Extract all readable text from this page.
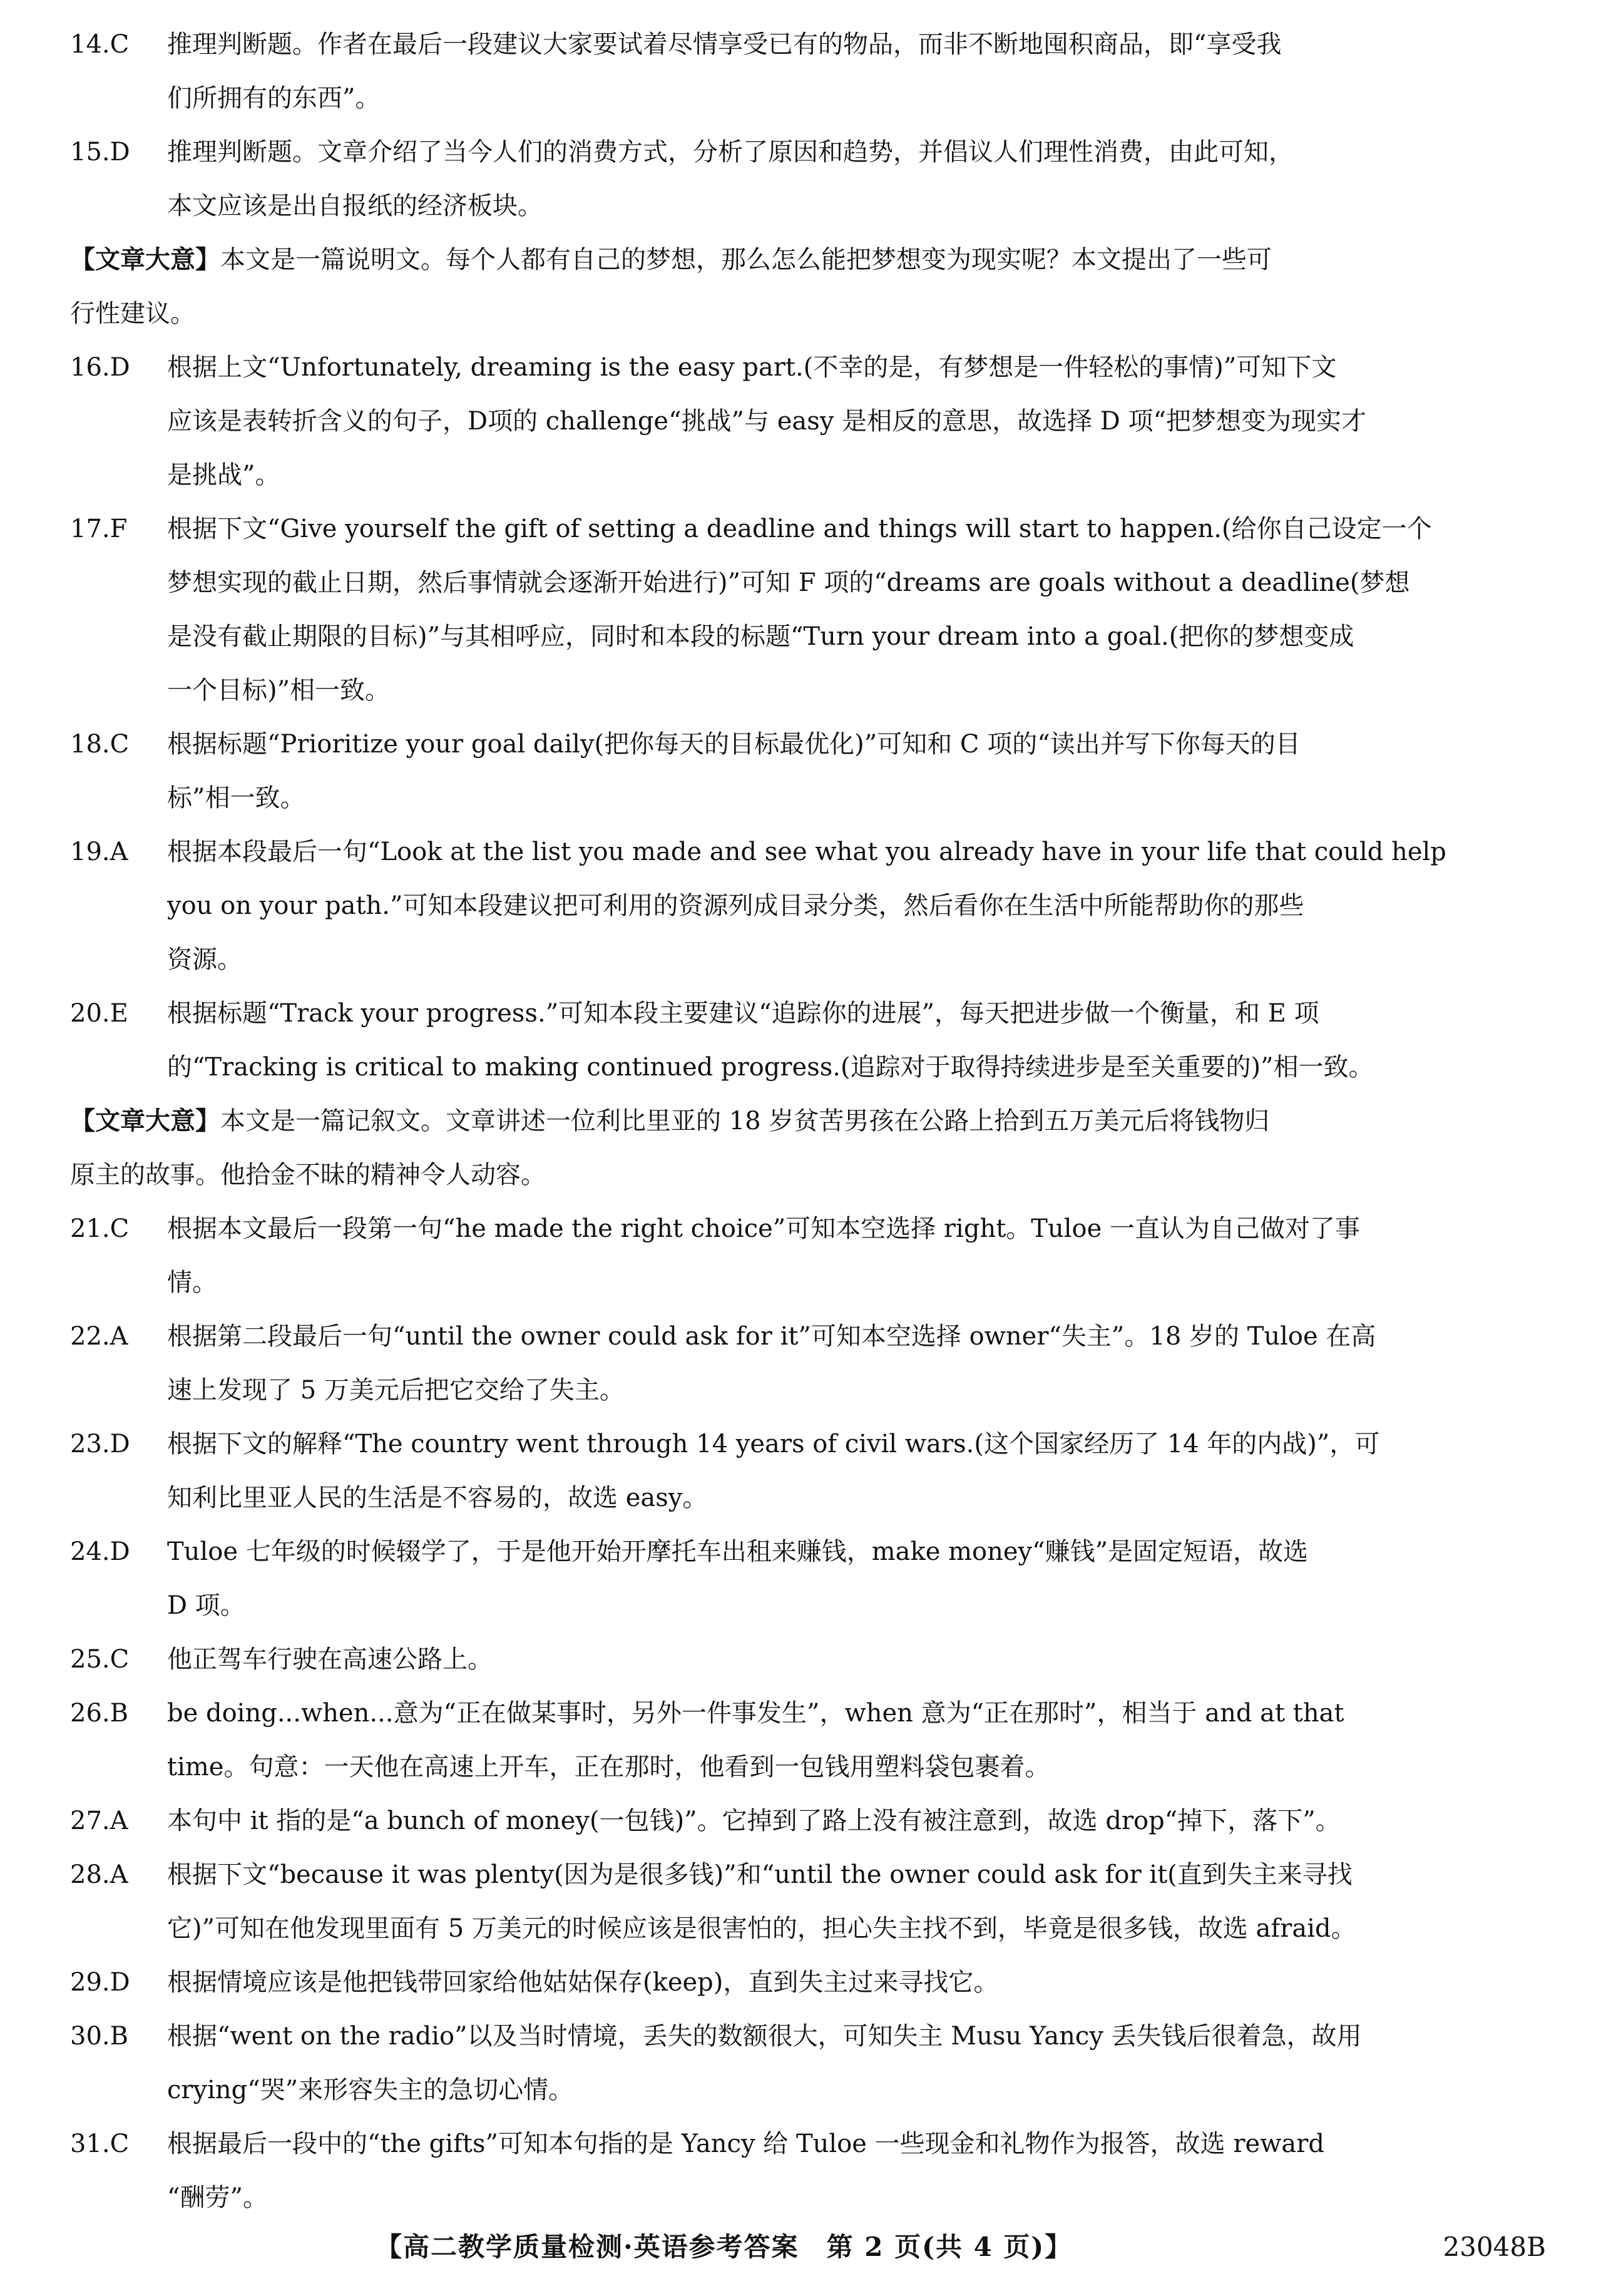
14.C 推理判断题。作者在最后一段建议大家要试着尽情享受已有的物品，而非不断地囤积商品，即“享受我
们所拥有的东西”。
15.D 推理判断题。文章介绍了当今人们的消费方式，分析了原因和趋势，并倡议人们理性消费，由此可知，
本文应该是出自报纸的经济板块。
【文章大意】本文是一篇说明文。每个人都有自己的梦想，那么怎么能把梦想变为现实呢？本文提出了一些可
行性建议。
16.D 根据上文“Unfortunately, dreaming is the easy part.(不幸的是，有梦想是一件轻松的事情)”可知下文
应该是表转折含义的句子，D项的 challenge“挑战”与 easy 是相反的意思，故选择 D 项“把梦想变为现实才
是挑战”。
17.F 根据下文“Give yourself the gift of setting a deadline and things will start to happen.(给你自己设定一个
梦想实现的截止日期，然后事情就会逐渐开始进行)”可知 F 项的“dreams are goals without a deadline(梦想
是没有截止期限的目标)”与其相呼应，同时和本段的标题“Turn your dream into a goal.(把你的梦想变成
一个目标)”相一致。
18.C 根据标题“Prioritize your goal daily(把你每天的目标最优化)”可知和 C 项的“读出并写下你每天的目
标”相一致。
19.A 根据本段最后一句“Look at the list you made and see what you already have in your life that could help
you on your path.”可知本段建议把可利用的资源列成目录分类，然后看你在生活中所能帮助你的那些
资源。
20.E 根据标题“Track your progress.”可知本段主要建议“追踪你的进展”，每天把进步做一个衡量，和 E 项
的“Tracking is critical to making continued progress.(追踪对于取得持续进步是至关重要的)”相一致。
【文章大意】本文是一篇记叙文。文章讲述一位利比里亚的 18 岁贫苦男孩在公路上拾到五万美元后将钱物归
原主的故事。他拾金不昧的精神令人动容。
21.C 根据本文最后一段第一句“he made the right choice”可知本空选择 right。Tuloe 一直认为自己做对了事
情。
22.A 根据第二段最后一句“until the owner could ask for it”可知本空选择 owner“失主”。18 岁的 Tuloe 在高
速上发现了 5 万美元后把它交给了失主。
23.D 根据下文的解释“The country went through 14 years of civil wars.(这个国家经历了 14 年的内战)”，可
知利比里亚人民的生活是不容易的，故选 easy。
24.D Tuloe 七年级的时候辍学了，于是他开始开摩托车出租来赚钱，make money“赚钱”是固定短语，故选
D 项。
25.C 他正驾车行驶在高速公路上。
26.B be doing...when...意为“正在做某事时，另外一件事发生”，when 意为“正在那时”，相当于 and at that
time。句意：一天他在高速上开车，正在那时，他看到一包钱用塑料袋包裹着。
27.A 本句中 it 指的是“a bunch of money(一包钱)”。它掉到了路上没有被注意到，故选 drop“掉下，落下”。
28.A 根据下文“because it was plenty(因为是很多钱)”和“until the owner could ask for it(直到失主来寻找
它)”可知在他发现里面有 5 万美元的时候应该是很害怕的，担心失主找不到，毕竟是很多钱，故选 afraid。
29.D 根据情境应该是他把钱带回家给他姑姑保存(keep)，直到失主过来寻找它。
30.B 根据“went on the radio”以及当时情境，丢失的数额很大，可知失主 Musu Yancy 丢失钱后很着急，故用
crying“哭”来形容失主的急切心情。
31.C 根据最后一段中的“the gifts”可知本句指的是 Yancy 给 Tuloe 一些现金和礼物作为报答，故选 reward
“酬劳”。
【高二教学质量检测·英语参考答案　第 2 页(共 4 页)】	23048B
